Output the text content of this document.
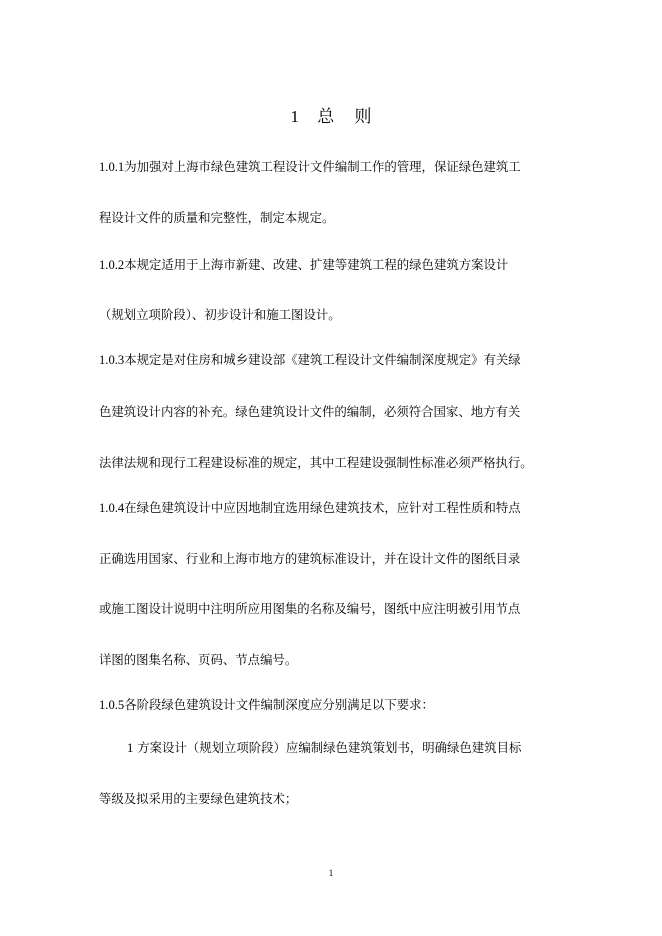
1 总 则
1.0.1为加强对上海市绿色建筑工程设计文件编制工作的管理，保证绿色建筑工
程设计文件的质量和完整性，制定本规定。
1.0.2本规定适用于上海市新建、改建、扩建等建筑工程的绿色建筑方案设计
（规划立项阶段）、初步设计和施工图设计。
1.0.3本规定是对住房和城乡建设部《建筑工程设计文件编制深度规定》有关绿
色建筑设计内容的补充。绿色建筑设计文件的编制，必须符合国家、地方有关
法律法规和现行工程建设标准的规定，其中工程建设强制性标准必须严格执行。
1.0.4在绿色建筑设计中应因地制宜选用绿色建筑技术，应针对工程性质和特点
正确选用国家、行业和上海市地方的建筑标准设计，并在设计文件的图纸目录
或施工图设计说明中注明所应用图集的名称及编号，图纸中应注明被引用节点
详图的图集名称、页码、节点编号。
1.0.5各阶段绿色建筑设计文件编制深度应分别满足以下要求：
1 方案设计（规划立项阶段）应编制绿色建筑策划书，明确绿色建筑目标
等级及拟采用的主要绿色建筑技术；
1
